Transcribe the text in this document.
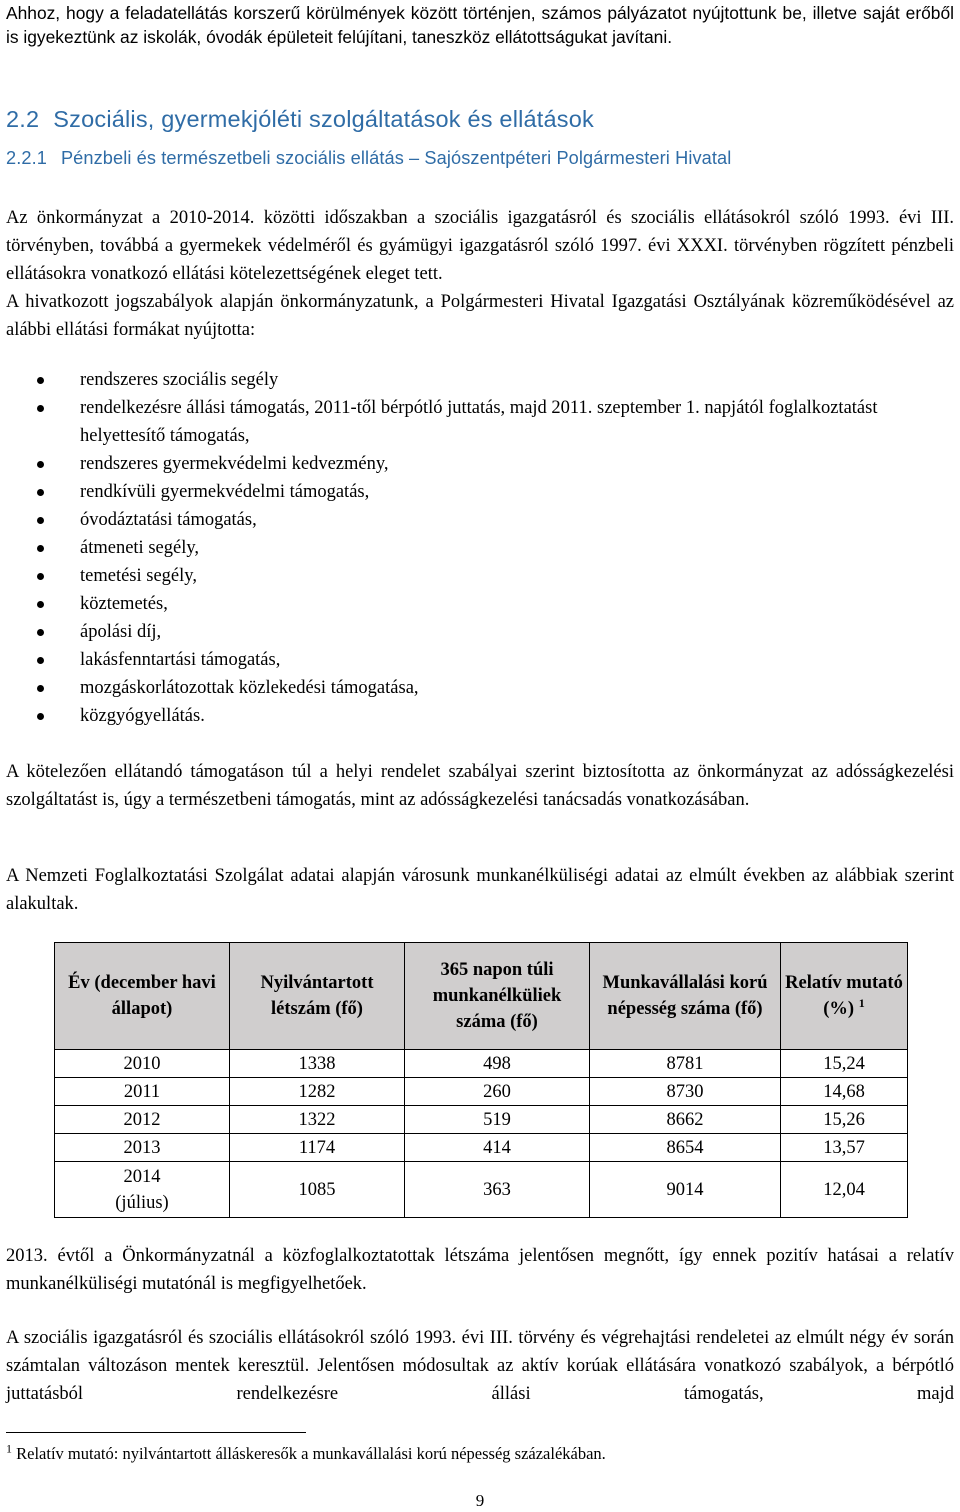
Ahhoz, hogy a feladatellátás korszerű körülmények között történjen, számos pályázatot nyújtottunk be, illetve saját erőből is igyekeztünk az iskolák, óvodák épületeit felújítani, taneszköz ellátottságukat javítani.

2.2 Szociális, gyermekjóléti szolgáltatások és ellátások
2.2.1 Pénzbeli és természetbeli szociális ellátás – Sajószentpéteri Polgármesteri Hivatal

Az önkormányzat a 2010-2014. közötti időszakban a szociális igazgatásról és szociális ellátásokról szóló 1993. évi III. törvényben, továbbá a gyermekek védelméről és gyámügyi igazgatásról szóló 1997. évi XXXI. törvényben rögzített pénzbeli ellátásokra vonatkozó ellátási kötelezettségének eleget tett.

A hivatkozott jogszabályok alapján önkormányzatunk, a Polgármesteri Hivatal Igazgatási Osztályának közreműködésével az alábbi ellátási formákat nyújtotta:

rendszeres szociális segély
rendelkezésre állási támogatás, 2011-től bérpótló juttatás, majd 2011. szeptember 1. napjától foglalkoztatást helyettesítő támogatás,
rendszeres gyermekvédelmi kedvezmény,
rendkívüli gyermekvédelmi támogatás,
óvodáztatási támogatás,
átmeneti segély,
temetési segély,
köztemetés,
ápolási díj,
lakásfenntartási támogatás,
mozgáskorlátozottak közlekedési támogatása,
közgyógyellátás.

A kötelezően ellátandó támogatáson túl a helyi rendelet szabályai szerint biztosította az önkormányzat az adósságkezelési szolgáltatást is, úgy a természetbeni támogatás, mint az adósságkezelési tanácsadás vonatkozásában.

A Nemzeti Foglalkoztatási Szolgálat adatai alapján városunk munkanélküliségi adatai az elmúlt években az alábbiak szerint alakultak.

Év (december havi állapot)	Nyilvántartott létszám (fő)	365 napon túli munkanélküliek száma (fő)	Munkavállalási korú népesség száma (fő)	Relatív mutató (%) $^1$
2010	1338	498	8781	15,24
2011	1282	260	8730	14,68
2012	1322	519	8662	15,26
2013	1174	414	8654	13,57
2014 (július)	1085	363	9014	12,04

2013. évtől a Önkormányzatnál a közfoglalkoztatottak létszáma jelentősen megnőtt, így ennek pozitív hatásai a relatív munkanélküliségi mutatónál is megfigyelhetőek.

A szociális igazgatásról és szociális ellátásokról szóló 1993. évi III. törvény és végrehajtási rendeletei az elmúlt négy év során számtalan változáson mentek keresztül. Jelentősen módosultak az aktív korúak ellátására vonatkozó szabályok, a bérpótló juttatásból rendelkezésre állási támogatás, majd

$^1$ Relatív mutató: nyilvántartott álláskeresők a munkavállalási korú népesség százalékában.
9
